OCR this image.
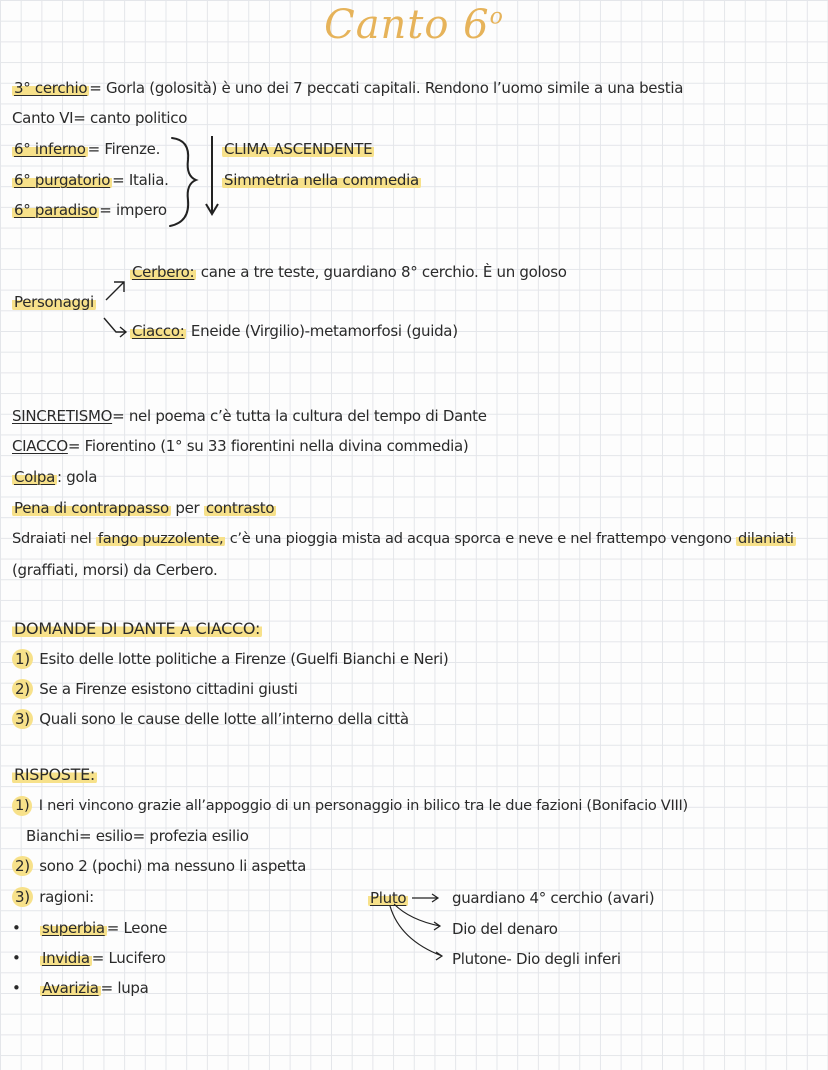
Canto 6$^o$
3° cerchio = Gorla (golosità) è uno dei 7 peccati capitali. Rendono l’uomo simile a una bestia
Canto VI= canto politico
6° inferno = Firenze.
6° purgatorio = Italia.
6° paradiso = impero
CLIMA ASCENDENTE
Simmetria nella commedia
Cerbero: cane a tre teste, guardiano 8° cerchio. È un goloso
Personaggi
Ciacco: Eneide (Virgilio)-metamorfosi (guida)
SINCRETISMO= nel poema c’è tutta la cultura del tempo di Dante
CIACCO= Fiorentino (1° su 33 fiorentini nella divina commedia)
Colpa : gola
Pena di contrappasso per contrasto
Sdraiati nel fango puzzolente, c’è una pioggia mista ad acqua sporca e neve e nel frattempo vengono dilaniati
(graffiati, morsi) da Cerbero.
DOMANDE DI DANTE A CIACCO:
1) Esito delle lotte politiche a Firenze (Guelfi Bianchi e Neri)
2) Se a Firenze esistono cittadini giusti
3) Quali sono le cause delle lotte all’interno della città
RISPOSTE:
1) I neri vincono grazie all’appoggio di un personaggio in bilico tra le due fazioni (Bonifacio VIII)
Bianchi= esilio= profezia esilio
2) sono 2 (pochi) ma nessuno li aspetta
3) ragioni:
• superbia = Leone
• Invidia = Lucifero
• Avarizia = lupa
Pluto	guardiano 4° cerchio (avari)
Dio del denaro
Plutone- Dio degli inferi
